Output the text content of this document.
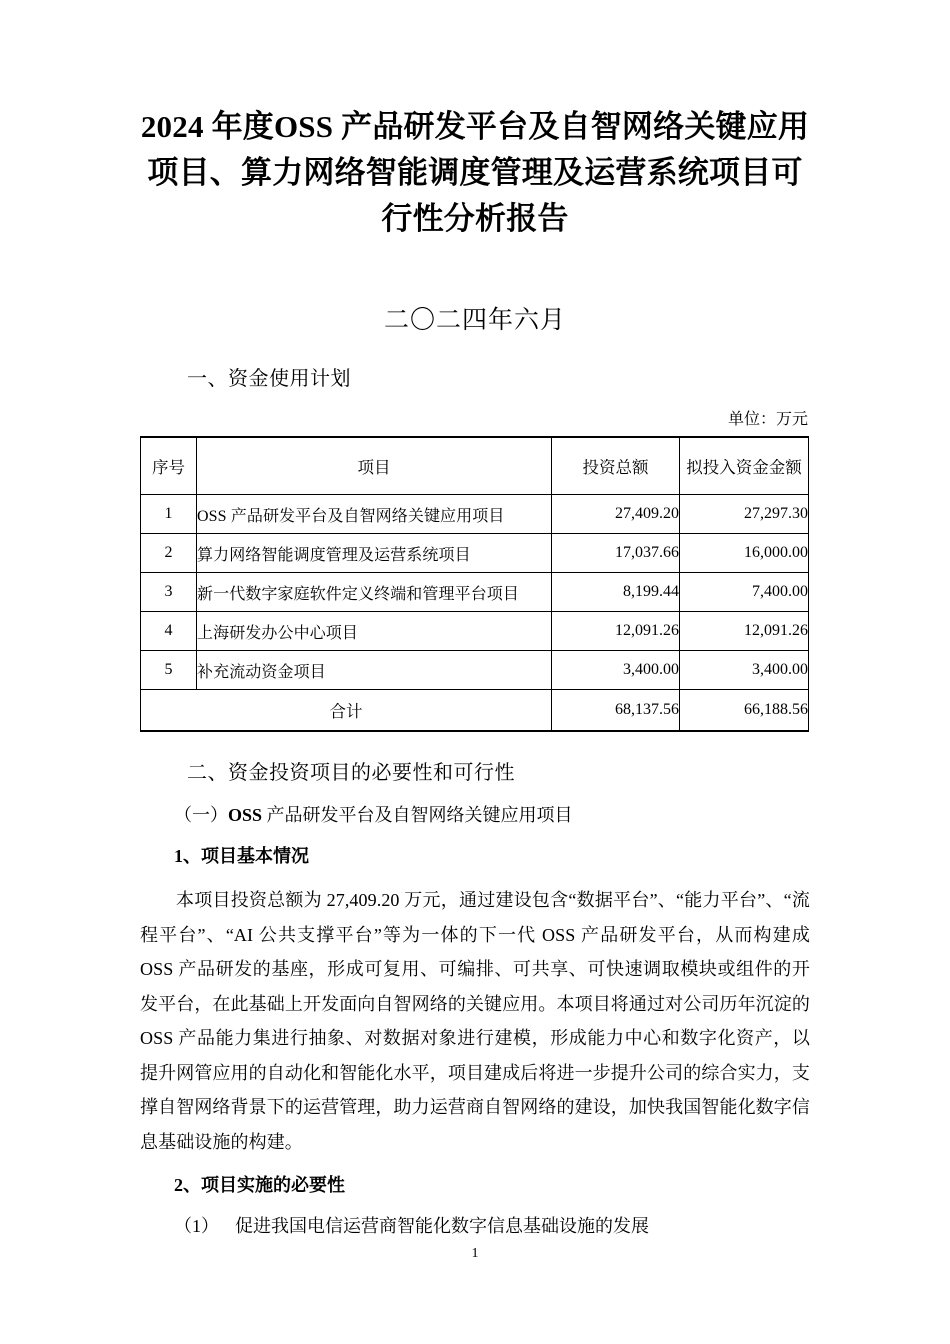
2024 年度OSS 产品研发平台及自智网络关键应用项目、算力网络智能调度管理及运营系统项目可行性分析报告

二〇二四年六月

一、资金使用计划

单位：万元

序号	项目	投资总额	拟投入资金金额
1	OSS 产品研发平台及自智网络关键应用项目	27,409.20	27,297.30
2	算力网络智能调度管理及运营系统项目	17,037.66	16,000.00
3	新一代数字家庭软件定义终端和管理平台项目	8,199.44	7,400.00
4	上海研发办公中心项目	12,091.26	12,091.26
5	补充流动资金项目	3,400.00	3,400.00
合计		68,137.56	66,188.56

二、资金投资项目的必要性和可行性

（一）OSS 产品研发平台及自智网络关键应用项目

1、项目基本情况

本项目投资总额为 27,409.20 万元，通过建设包含“数据平台”、“能力平台”、“流程平台”、“AI 公共支撑平台”等为一体的下一代 OSS 产品研发平台，从而构建成 OSS 产品研发的基座，形成可复用、可编排、可共享、可快速调取模块或组件的开发平台，在此基础上开发面向自智网络的关键应用。本项目将通过对公司历年沉淀的 OSS 产品能力集进行抽象、对数据对象进行建模，形成能力中心和数字化资产，以提升网管应用的自动化和智能化水平，项目建成后将进一步提升公司的综合实力，支撑自智网络背景下的运营管理，助力运营商自智网络的建设，加快我国智能化数字信息基础设施的构建。

2、项目实施的必要性

（1） 促进我国电信运营商智能化数字信息基础设施的发展

1
